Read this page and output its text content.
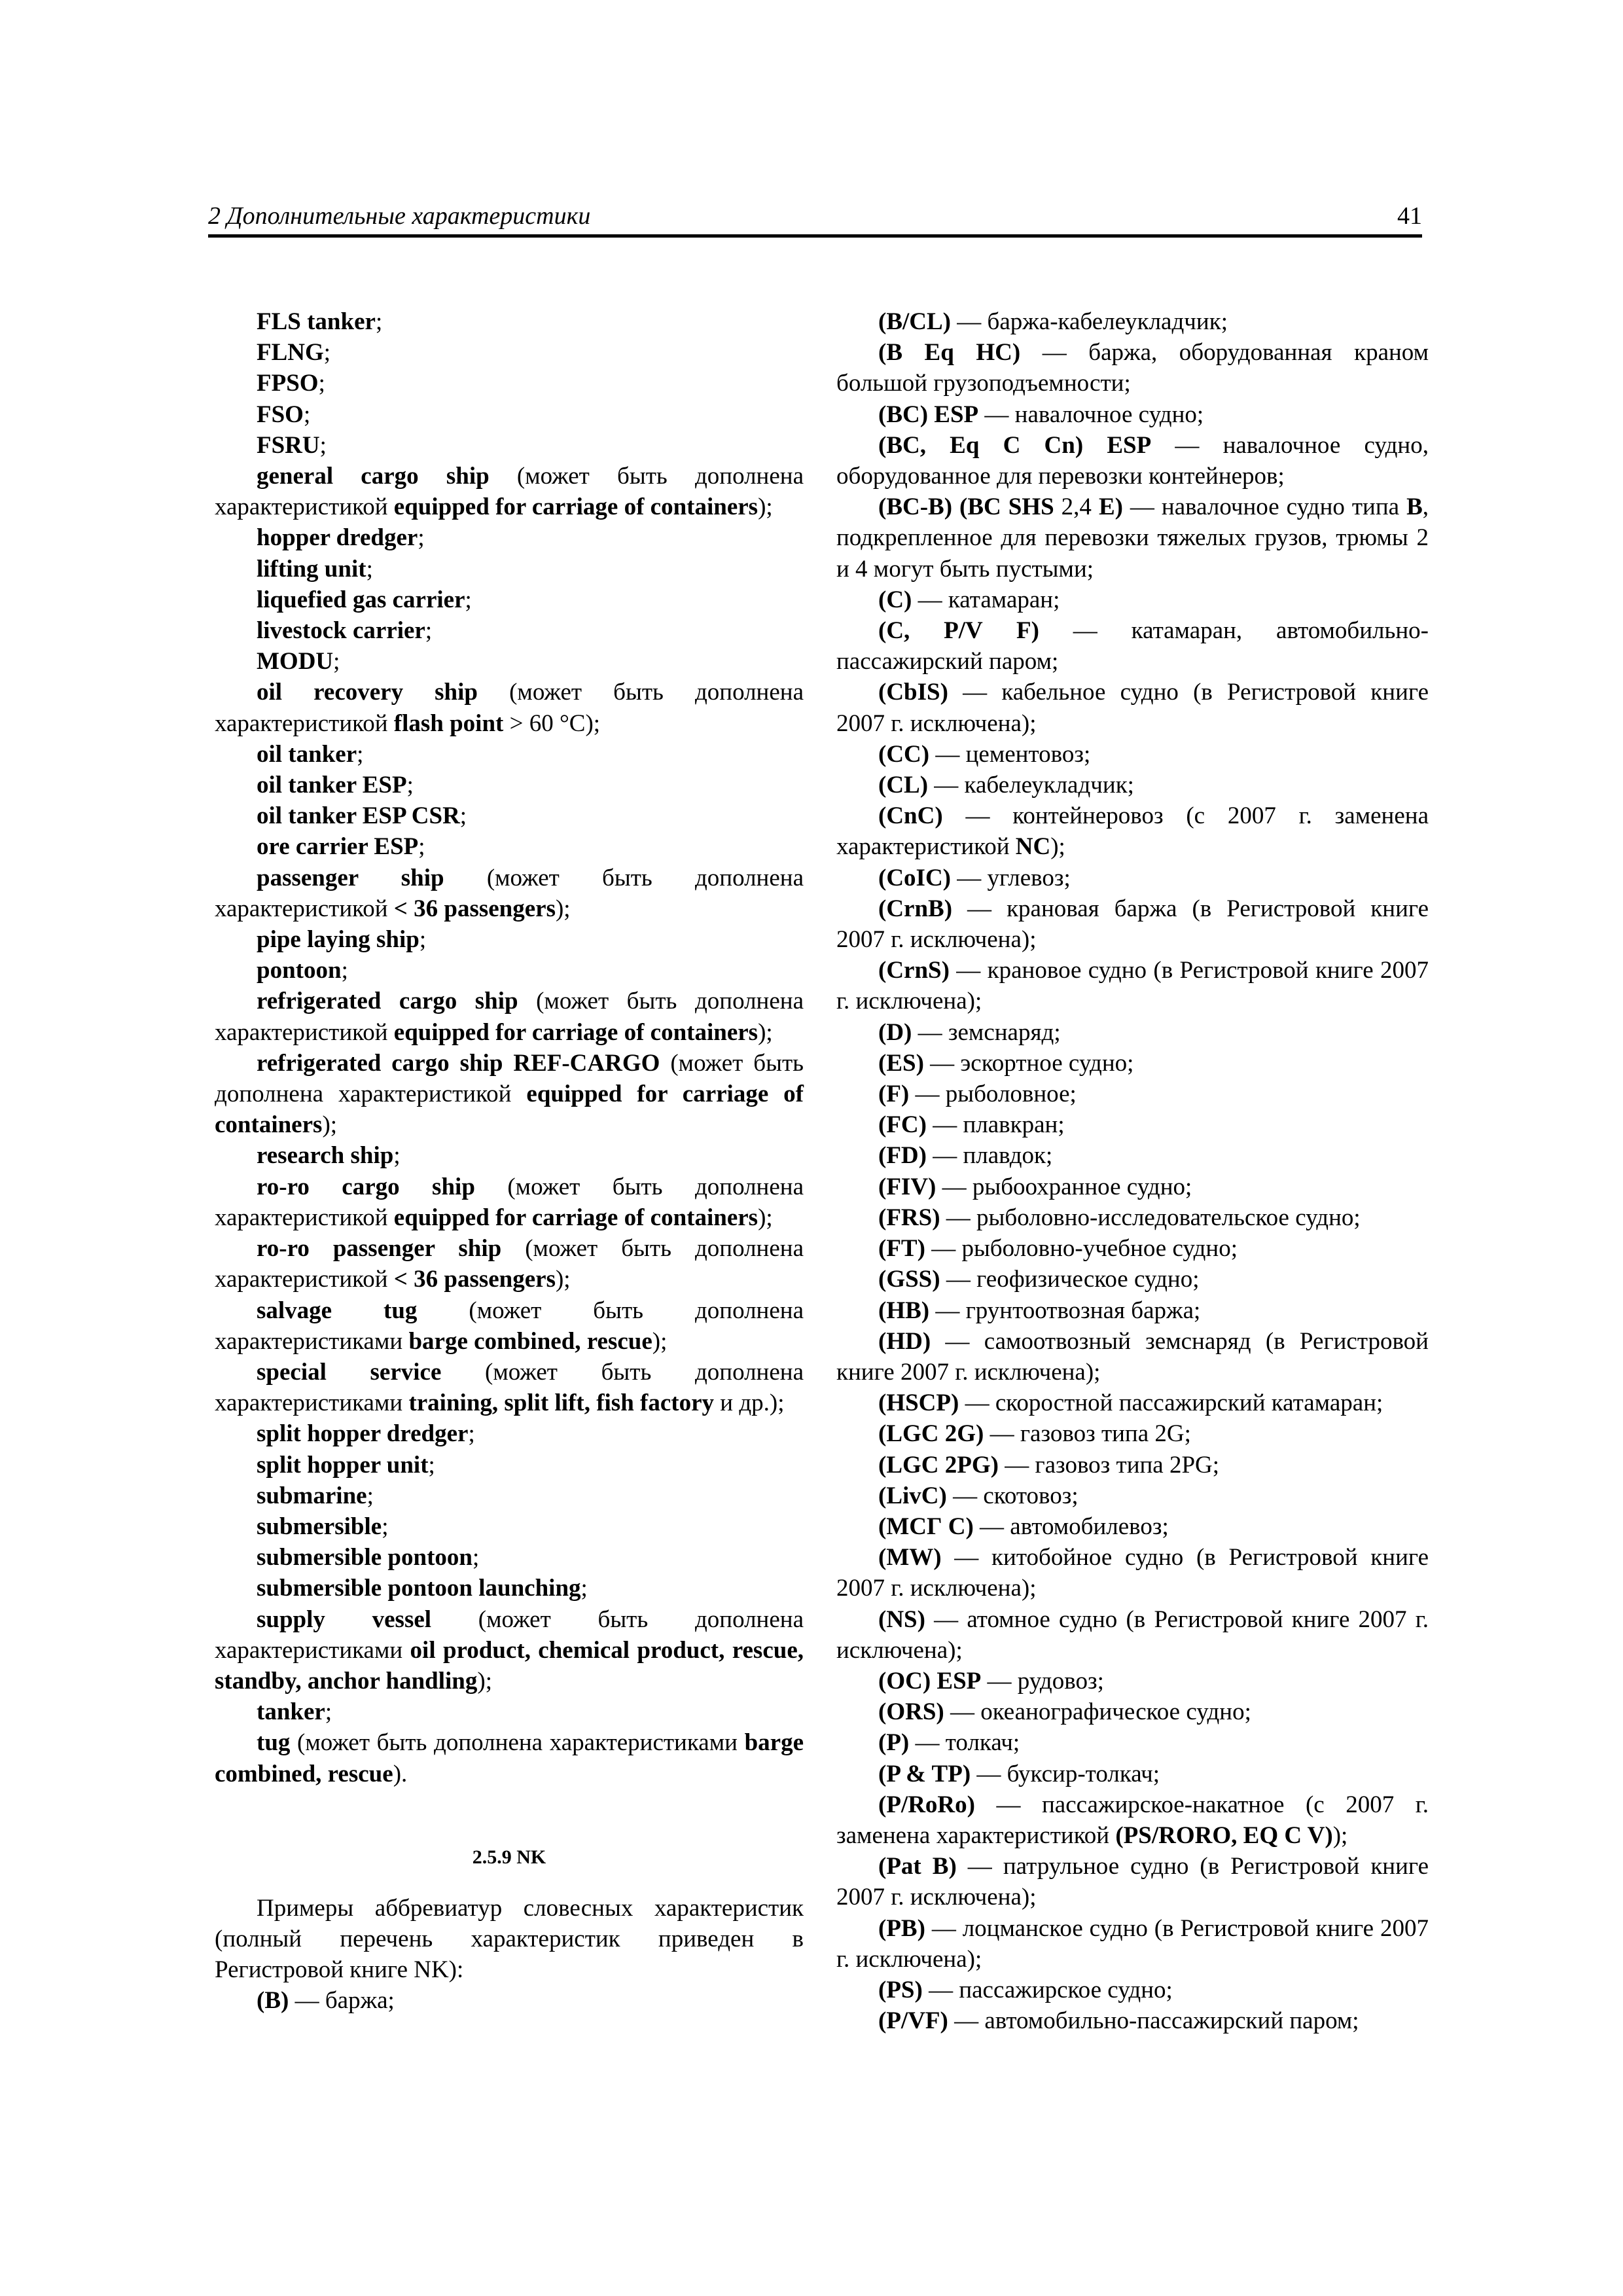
2 Дополнительные характеристики	41

FLS tanker;

FLNG;

FPSO;

FSO;

FSRU;

general cargo ship (может быть дополнена характеристикой equipped for carriage of containers);

hopper dredger;

lifting unit;

liquefied gas carrier;

livestock carrier;

MODU;

oil recovery ship (может быть дополнена характеристикой flash point > 60 °C);

oil tanker;

oil tanker ESP;

oil tanker ESP CSR;

ore carrier ESP;

passenger ship (может быть дополнена характеристикой < 36 passengers);

pipe laying ship;

pontoon;

refrigerated cargo ship (может быть дополнена характеристикой equipped for carriage of containers);

refrigerated cargo ship REF-CARGO (может быть дополнена характеристикой equipped for carriage of containers);

research ship;

ro-ro cargo ship (может быть дополнена характеристикой equipped for carriage of containers);

ro-ro passenger ship (может быть дополнена характеристикой < 36 passengers);

salvage tug (может быть дополнена характеристиками barge combined, rescue);

special service (может быть дополнена характеристиками training, split lift, fish factory и др.);

split hopper dredger;

split hopper unit;

submarine;

submersible;

submersible pontoon;

submersible pontoon launching;

supply vessel (может быть дополнена характеристиками oil product, chemical product, rescue, standby, anchor handling);

tanker;

tug (может быть дополнена характеристиками barge combined, rescue).

2.5.9 NK

Примеры аббревиатур словесных характеристик (полный перечень характеристик приведен в Регистровой книге NK):

(B) — баржа;

(B/CL) — баржа-кабелеукладчик;

(B Eq HC) — баржа, оборудованная краном большой грузоподъемности;

(BC) ESP — навалочное судно;

(BC, Eq C Cn) ESP — навалочное судно, оборудованное для перевозки контейнеров;

(BC-B) (BC SHS 2,4 E) — навалочное судно типа B, подкрепленное для перевозки тяжелых грузов, трюмы 2 и 4 могут быть пустыми;

(C) — катамаран;

(C, P/V F) — катамаран, автомобильно-пассажирский паром;

(CbIS) — кабельное судно (в Регистровой книге 2007 г. исключена);

(CC) — цементовоз;

(CL) — кабелеукладчик;

(CnC) — контейнеровоз (с 2007 г. заменена характеристикой NC);

(CoIC) — углевоз;

(CrnB) — крановая баржа (в Регистровой книге 2007 г. исключена);

(CrnS) — крановое судно (в Регистровой книге 2007 г. исключена);

(D) — земснаряд;

(ES) — эскортное судно;

(F) — рыболовное;

(FC) — плавкран;

(FD) — плавдок;

(FIV) — рыбоохранное судно;

(FRS) — рыболовно-исследовательское судно;

(FT) — рыболовно-учебное судно;

(GSS) — геофизическое судно;

(HB) — грунтоотвозная баржа;

(HD) — самоотвозный земснаряд (в Регистровой книге 2007 г. исключена);

(HSCP) — скоростной пассажирский катамаран;

(LGC 2G) — газовоз типа 2G;

(LGC 2PG) — газовоз типа 2PG;

(LivC) — скотовоз;

(MCГ C) — автомобилевоз;

(MW) — китобойное судно (в Регистровой книге 2007 г. исключена);

(NS) — атомное судно (в Регистровой книге 2007 г. исключена);

(OC) ESP — рудовоз;

(ORS) — океанографическое судно;

(P) — толкач;

(P & TP) — буксир-толкач;

(P/RoRo) — пассажирское-накатное (с 2007 г. заменена характеристикой (PS/RORO, EQ C V));

(Pat B) — патрульное судно (в Регистровой книге 2007 г. исключена);

(PB) — лоцманское судно (в Регистровой книге 2007 г. исключена);

(PS) — пассажирское судно;

(P/VF) — автомобильно-пассажирский паром;
